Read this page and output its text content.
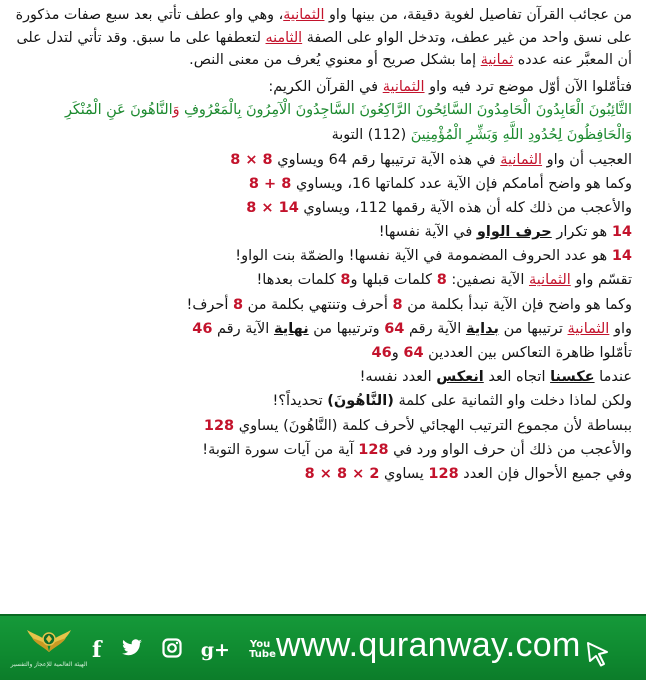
من عجائب القرآن تفاصيل لغوية دقيقة، من بينها واو الثمانية، وهي واو عطف تأتي بعد سبع صفات مذكورة على نسق واحد من غير عطف، وتدخل الواو على الصفة الثامنه لتعطفها على ما سبق. وقد تأتي لتدل على أن المعبَّر عنه عدده ثمانية إما بشكل صريح أو معنوي يُعرف من معنى النص.

فتأمّلوا الآن أوّل موضع ترد فيه واو الثمانية في القرآن الكريم:

التَّائِبُونَ الْعَابِدُونَ الْحَامِدُونَ السَّائِحُونَ الرَّاكِعُونَ السَّاجِدُونَ الْآمِرُونَ بِالْمَعْرُوفِ وَالنَّاهُونَ عَنِ الْمُنْكَرِ وَالْحَافِظُونَ لِحُدُودِ اللَّهِ وَبَشِّرِ الْمُؤْمِنِينَ (112) التوبة

العجيب أن واو الثمانية في هذه الآية ترتيبها رقم 64 ويساوي 8 × 8

وكما هو واضح أمامكم فإن الآية عدد كلماتها 16، ويساوي 8 + 8

والأعجب من ذلك كله أن هذه الآية رقمها 112، ويساوي 8 × 14

14 هو تكرار حرف الواو في الآية نفسها!

14 هو عدد الحروف المضمومة في الآية نفسها! والضمّة بنت الواو!

تقسّم واو الثمانية الآية نصفين: 8 كلمات قبلها و8 كلمات بعدها!

وكما هو واضح فإن الآية تبدأ بكلمة من 8 أحرف وتنتهي بكلمة من 8 أحرف!

واو الثمانية ترتيبها من بداية الآية رقم 64 وترتيبها من نهاية الآية رقم 46

تأمّلوا ظاهرة التعاكس بين العددين 64 و46

عندما عكسنا اتجاه العد انعكس العدد نفسه!

ولكن لماذا دخلت واو الثمانية على كلمة (النَّاهُونَ) تحديداً؟!

ببساطة لأن مجموع الترتيب الهجائي لأحرف كلمة (النَّاهُونَ) يساوي 128

والأعجب من ذلك أن حرف الواو ورد في 128 آية من آيات سورة التوبة!

وفي جميع الأحوال فإن العدد 128 يساوي 8 × 8 × 2

الهيئة العالمية للإعجاز والتفسير
f	g+ You Tube www.quranway.com
